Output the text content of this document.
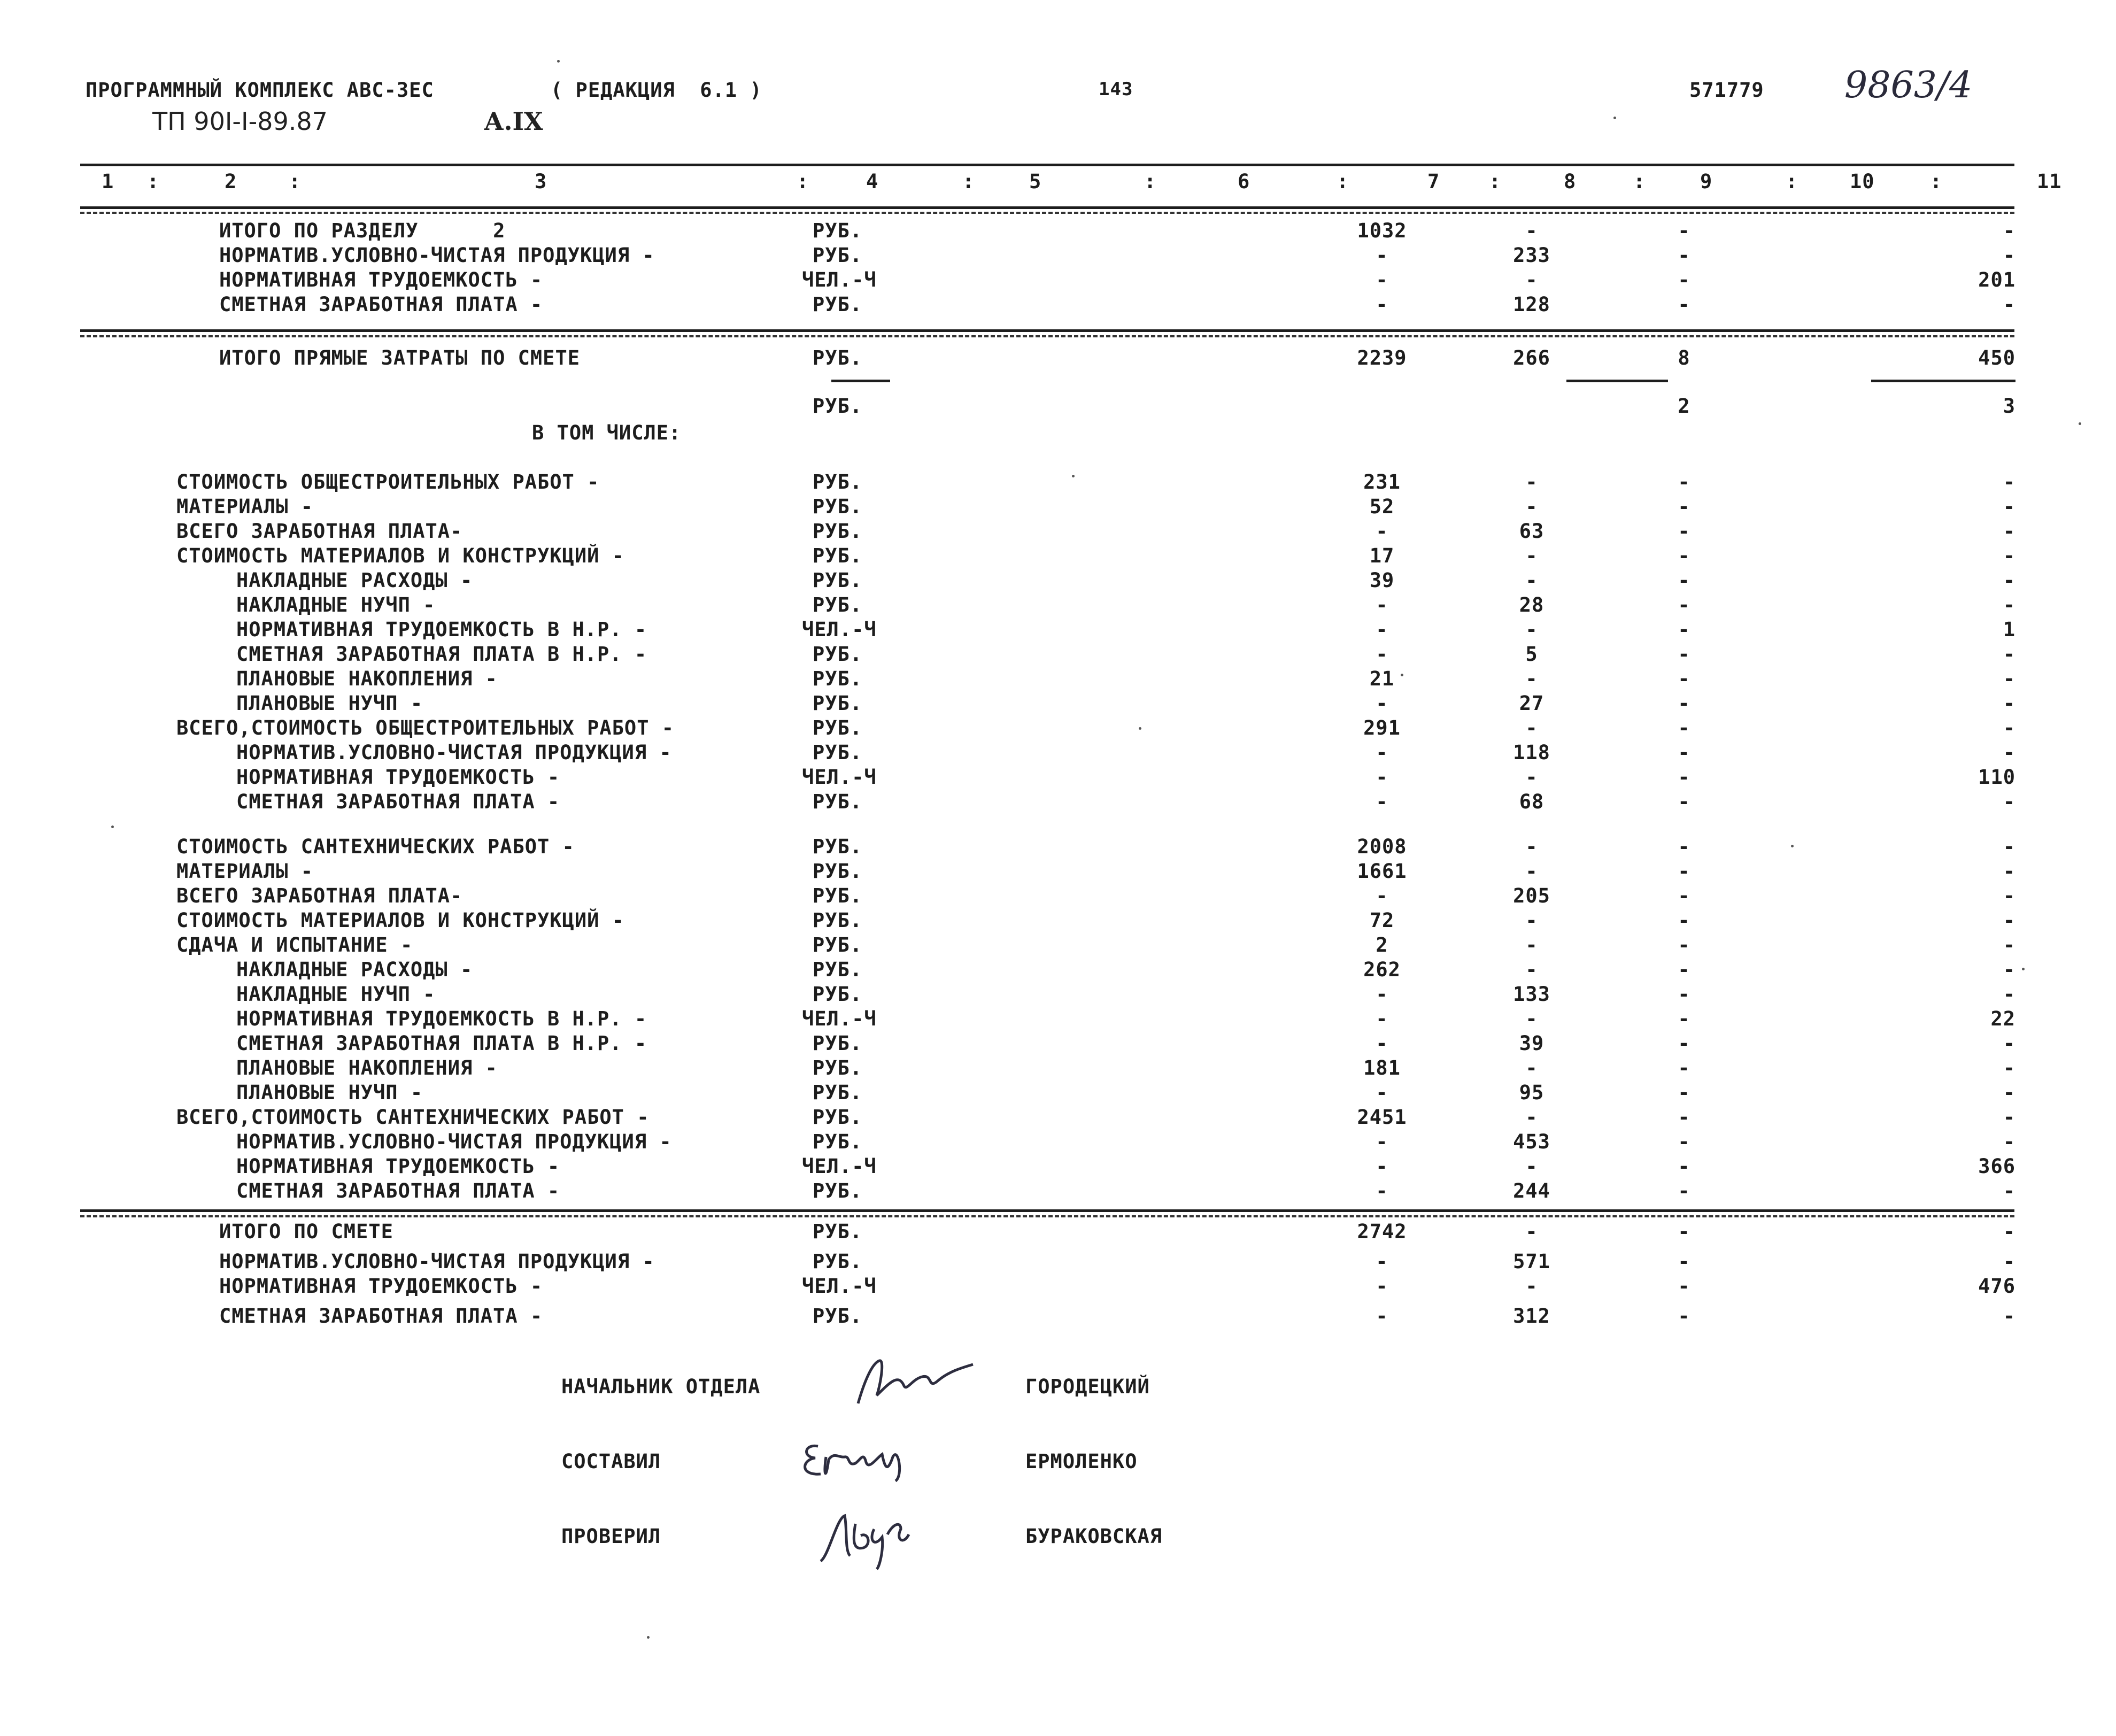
ПРОГРАММНЫЙ КОМПЛЕКС АВС-3ЕС	( РЕДАКЦИЯ  6.1 )	143	571779 9863/4
ТП 90I-I-89.87	А.IX
1 :	2	:	3	:	4	:	5	:	6	:	7 :	8	:	9	:	10	:	11
ИТОГО ПО РАЗДЕЛУ      2	РУБ.	1032	-	-	-
НОРМАТИВ.УСЛОВНО-ЧИСТАЯ ПРОДУКЦИЯ -	РУБ.	-	233	-	-
НОРМАТИВНАЯ ТРУДОЕМКОСТЬ -	ЧЕЛ.-Ч	-	-	-	201
СМЕТНАЯ ЗАРАБОТНАЯ ПЛАТА -	РУБ.	-	128	-	-
ИТОГО ПРЯМЫЕ ЗАТРАТЫ ПО СМЕТЕ	РУБ.	2239	266	8	450
РУБ.	2	3
В ТОМ ЧИСЛЕ:
СТОИМОСТЬ ОБЩЕСТРОИТЕЛЬНЫХ РАБОТ -	РУБ.	231	-	-	-
МАТЕРИАЛЫ -	РУБ.	52	-	-	-
ВСЕГО ЗАРАБОТНАЯ ПЛАТА-	РУБ.	-	63	-	-
СТОИМОСТЬ МАТЕРИАЛОВ И КОНСТРУКЦИЙ -	РУБ.	17	-	-	-
НАКЛАДНЫЕ РАСХОДЫ -	РУБ.	39	-	-	-
НАКЛАДНЫЕ НУЧП -	РУБ.	-	28	-	-
НОРМАТИВНАЯ ТРУДОЕМКОСТЬ В Н.Р. -	ЧЕЛ.-Ч	-	-	-	1
СМЕТНАЯ ЗАРАБОТНАЯ ПЛАТА В Н.Р. -	РУБ.	-	5	-	-
ПЛАНОВЫЕ НАКОПЛЕНИЯ -	РУБ.	21	-	-	-
ПЛАНОВЫЕ НУЧП -	РУБ.	-	27	-	-
ВСЕГО,СТОИМОСТЬ ОБЩЕСТРОИТЕЛЬНЫХ РАБОТ -	РУБ.	291	-	-	-
НОРМАТИВ.УСЛОВНО-ЧИСТАЯ ПРОДУКЦИЯ -	РУБ.	-	118	-	-
НОРМАТИВНАЯ ТРУДОЕМКОСТЬ -	ЧЕЛ.-Ч	-	-	-	110
СМЕТНАЯ ЗАРАБОТНАЯ ПЛАТА -	РУБ.	-	68	-	-
СТОИМОСТЬ САНТЕХНИЧЕСКИХ РАБОТ -	РУБ.	2008	-	-	-
МАТЕРИАЛЫ -	РУБ.	1661	-	-	-
ВСЕГО ЗАРАБОТНАЯ ПЛАТА-	РУБ.	-	205	-	-
СТОИМОСТЬ МАТЕРИАЛОВ И КОНСТРУКЦИЙ -	РУБ.	72	-	-	-
СДАЧА И ИСПЫТАНИЕ -	РУБ.	2	-	-	-
НАКЛАДНЫЕ РАСХОДЫ -	РУБ.	262	-	-	-
НАКЛАДНЫЕ НУЧП -	РУБ.	-	133	-	-
НОРМАТИВНАЯ ТРУДОЕМКОСТЬ В Н.Р. -	ЧЕЛ.-Ч	-	-	-	22
СМЕТНАЯ ЗАРАБОТНАЯ ПЛАТА В Н.Р. -	РУБ.	-	39	-	-
ПЛАНОВЫЕ НАКОПЛЕНИЯ -	РУБ.	181	-	-	-
ПЛАНОВЫЕ НУЧП -	РУБ.	-	95	-	-
ВСЕГО,СТОИМОСТЬ САНТЕХНИЧЕСКИХ РАБОТ -	РУБ.	2451	-	-	-
НОРМАТИВ.УСЛОВНО-ЧИСТАЯ ПРОДУКЦИЯ -	РУБ.	-	453	-	-
НОРМАТИВНАЯ ТРУДОЕМКОСТЬ -	ЧЕЛ.-Ч	-	-	-	366
СМЕТНАЯ ЗАРАБОТНАЯ ПЛАТА -	РУБ.	-	244	-	-
ИТОГО ПО СМЕТЕ	РУБ.	2742	-	-	-
НОРМАТИВ.УСЛОВНО-ЧИСТАЯ ПРОДУКЦИЯ -	РУБ.	-	571	-	-
НОРМАТИВНАЯ ТРУДОЕМКОСТЬ -	ЧЕЛ.-Ч	-	-	-	476
СМЕТНАЯ ЗАРАБОТНАЯ ПЛАТА -	РУБ.	-	312	-	-
НАЧАЛЬНИК ОТДЕЛА	ГОРОДЕЦКИЙ
СОСТАВИЛ	ЕРМОЛЕНКО
ПРОВЕРИЛ	БУРАКОВСКАЯ
